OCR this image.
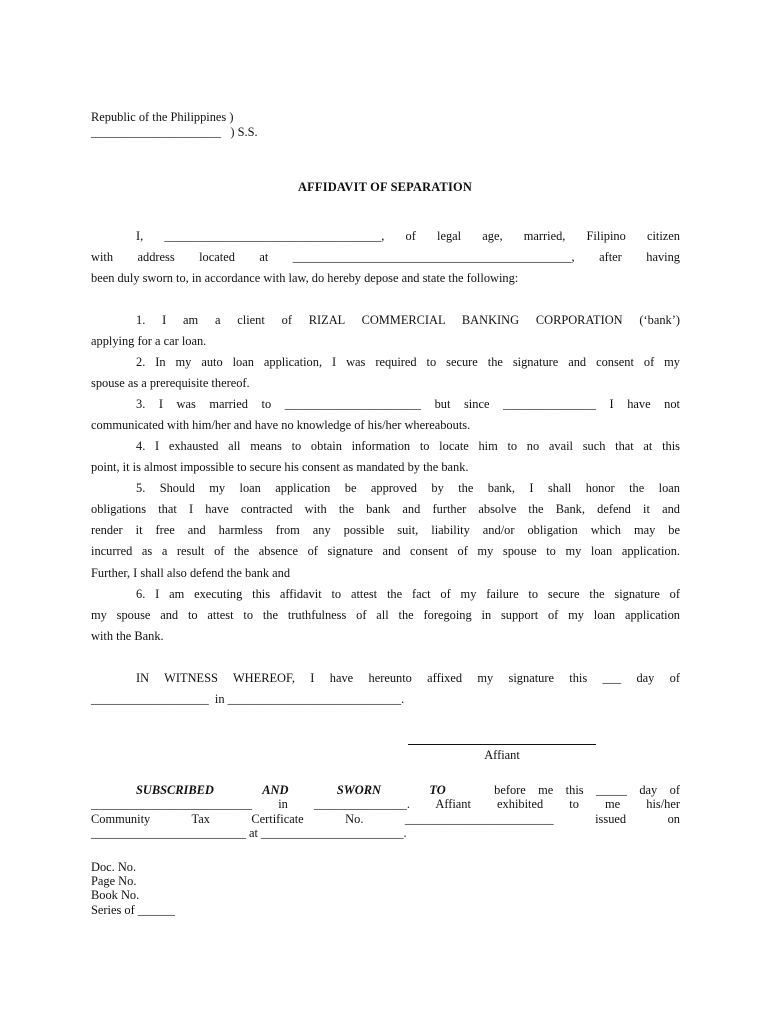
Republic of the Philippines )
_____________________   ) S.S.
AFFIDAVIT OF SEPARATION
I, ___________________________________, of legal age, married, Filipino citizen
with address located at _____________________________________________, after having
been duly sworn to, in accordance with law, do hereby depose and state the following:
1. I am a client of RIZAL COMMERCIAL BANKING CORPORATION (‘bank’)
applying for a car loan.
2. In my auto loan application, I was required to secure the signature and consent of my
spouse as a prerequisite thereof.
3. I was married to ______________________ but since _______________ I have not
communicated with him/her and have no knowledge of his/her whereabouts.
4. I exhausted all means to obtain information to locate him to no avail such that at this
point, it is almost impossible to secure his consent as mandated by the bank.
5. Should my loan application be approved by the bank, I shall honor the loan
obligations that I have contracted with the bank and further absolve the Bank, defend it and
render it free and harmless from any possible suit, liability and/or obligation which may be
incurred as a result of the absence of signature and consent of my spouse to my loan application.
Further, I shall also defend the bank and
6. I am executing this affidavit to attest the fact of my failure to secure the signature of
my spouse and to attest to the truthfulness of all the foregoing in support of my loan application
with the Bank.
IN WITNESS WHEREOF, I have hereunto affixed my signature this ___ day of
___________________  in ____________________________.
Affiant
SUBSCRIBED	AND	SWORN	TO	before    me    this    _____    day    of
__________________________ in _______________. Affiant exhibited to me his/her
Community Tax Certificate No. ________________________ issued on
_________________________ at _______________________.
Doc. No.
Page No.
Book No.
Series of ______
